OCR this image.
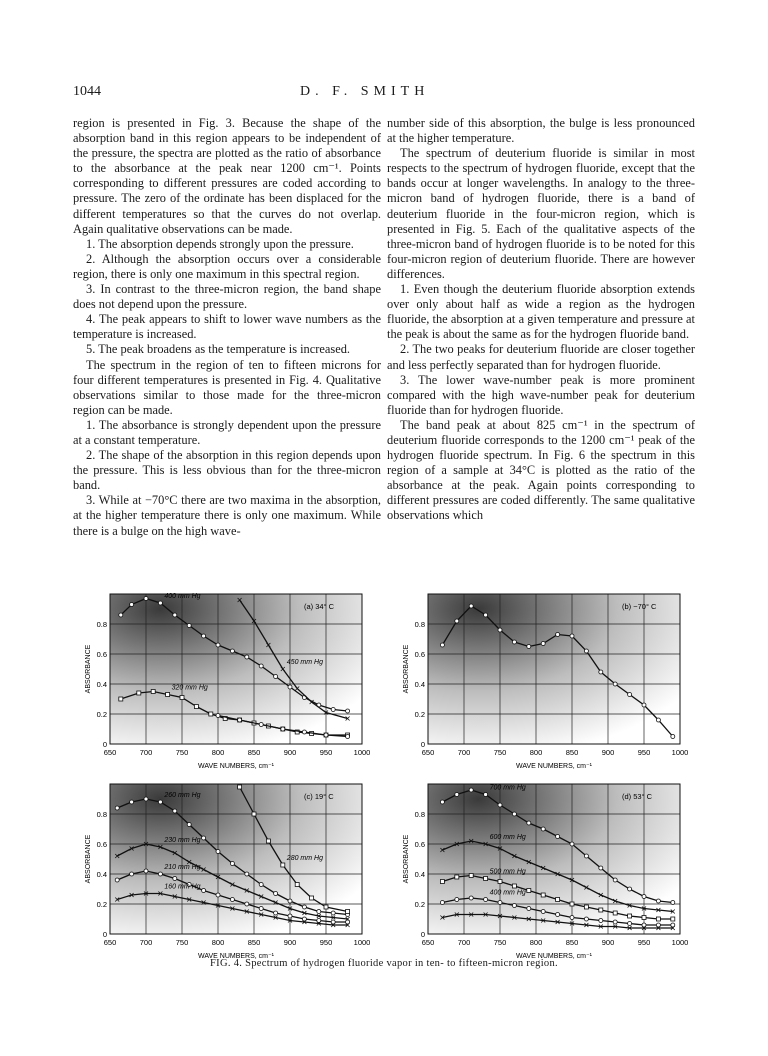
1044	D. F. SMITH

region is presented in Fig. 3. Because the shape of the absorption band in this region appears to be independent of the pressure, the spectra are plotted as the ratio of absorbance to the absorbance at the peak near 1200 cm⁻¹. Points corresponding to different pressures are coded according to pressure. The zero of the ordinate has been displaced for the different temperatures so that the curves do not overlap. Again qualitative observations can be made.

1. The absorption depends strongly upon the pressure.

2. Although the absorption occurs over a considerable region, there is only one maximum in this spectral region.

3. In contrast to the three-micron region, the band shape does not depend upon the pressure.

4. The peak appears to shift to lower wave numbers as the temperature is increased.

5. The peak broadens as the temperature is increased.

The spectrum in the region of ten to fifteen microns for four different temperatures is presented in Fig. 4. Qualitative observations similar to those made for the three-micron region can be made.

1. The absorbance is strongly dependent upon the pressure at a constant temperature.

2. The shape of the absorption in this region depends upon the pressure. This is less obvious than for the three-micron band.

3. While at −70°C there are two maxima in the absorption, at the higher temperature there is only one maximum. While there is a bulge on the high wave-

number side of this absorption, the bulge is less pronounced at the higher temperature.

The spectrum of deuterium fluoride is similar in most respects to the spectrum of hydrogen fluoride, except that the bands occur at longer wavelengths. In analogy to the three-micron band of hydrogen fluoride, there is a band of deuterium fluoride in the four-micron region, which is presented in Fig. 5. Each of the qualitative aspects of the three-micron band of hydrogen fluoride is to be noted for this four-micron region of deuterium fluoride. There are however differences.

1. Even though the deuterium fluoride absorption extends over only about half as wide a region as the hydrogen fluoride, the absorption at a given temperature and pressure at the peak is about the same as for the hydrogen fluoride band.

2. The two peaks for deuterium fluoride are closer together and less perfectly separated than for hydrogen fluoride.

3. The lower wave-number peak is more prominent compared with the high wave-number peak for deuterium fluoride than for hydrogen fluoride.

The band peak at about 825 cm⁻¹ in the spectrum of deuterium fluoride corresponds to the 1200 cm⁻¹ peak of the hydrogen fluoride spectrum. In Fig. 6 the spectrum in this region of a sample at 34°C is plotted as the ratio of the absorbance at the peak. Again points corresponding to different pressures are coded differently. The same qualitative observations which

650	700	750	800	850	900	950	1000
0
0.2
0.4
0.6
0.8
WAVE NUMBERS, cm⁻¹
ABSORBANCE
(a) 34° C
400 mm Hg
450 mm Hg
320 mm Hg
650	700	750	800	850	900	950	1000
0
0.2
0.4
0.6
0.8
WAVE NUMBERS, cm⁻¹
ABSORBANCE
(b) −70° C
650	700	750	800	850	900	950	1000
0
0.2
0.4
0.6
0.8
WAVE NUMBERS, cm⁻¹
ABSORBANCE
(c) 19° C
260 mm Hg
230 mm Hg
280 mm Hg
210 mm Hg
160 mm Hg
650	700	750	800	850	900	950	1000
0
0.2
0.4
0.6
0.8
WAVE NUMBERS, cm⁻¹
ABSORBANCE
(d) 53° C
700 mm Hg
600 mm Hg
500 mm Hg
400 mm Hg
FIG. 4. Spectrum of hydrogen fluoride vapor in ten- to fifteen-micron region.
